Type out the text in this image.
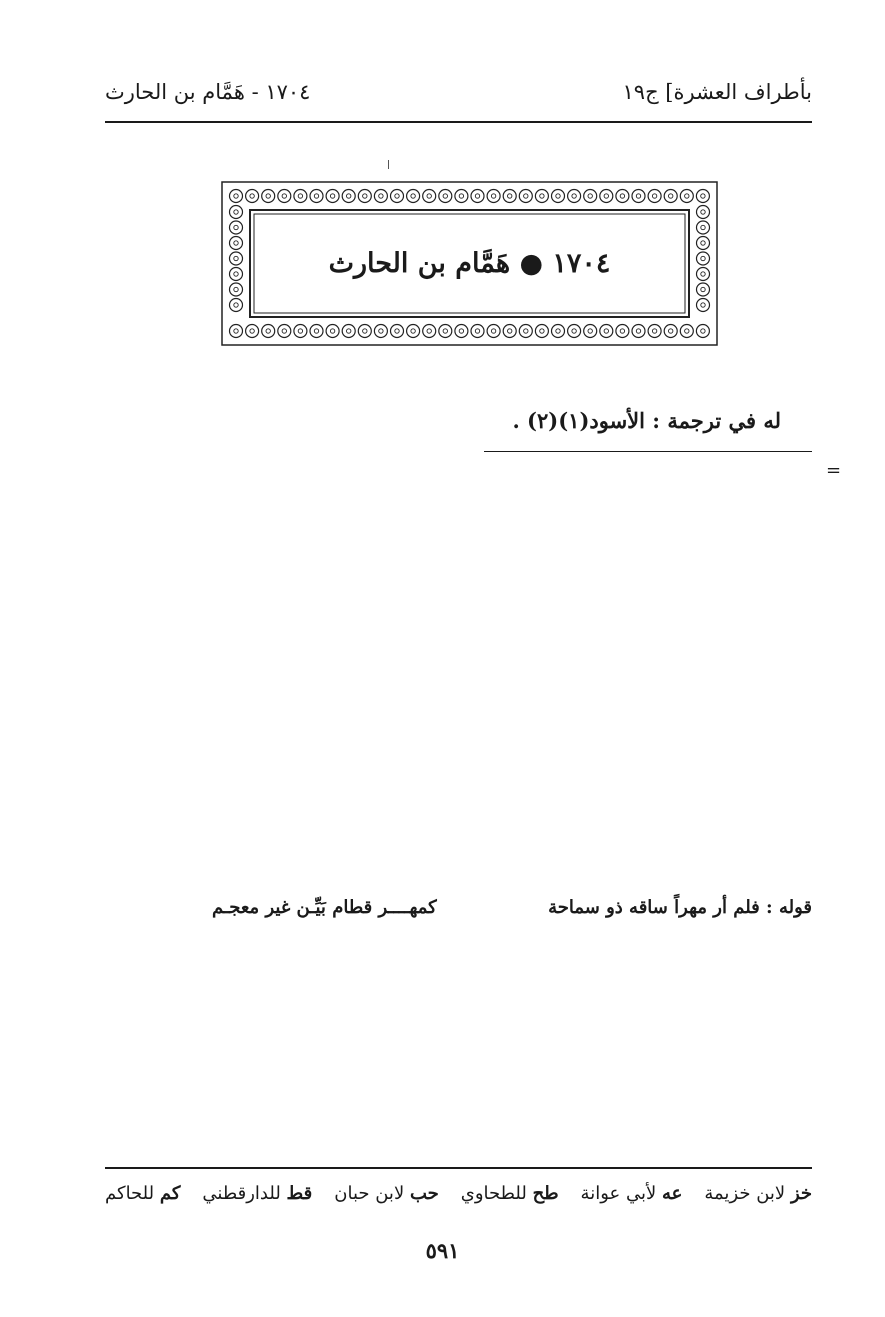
بأطراف العشرة] ج١٩
١٧٠٤ - هَمَّام بن الحارث
١٧٠٤ ● هَمَّام بن الحارث
له في ترجمة : الأسود(١)(٢) .
=
قوله : فلم أر مهراً ساقه ذو سماحة
كمهــــر قطام بَيِّـن غير معجـم
خز لابن خزيمة
عه لأبي عوانة
طح للطحاوي
حب لابن حبان
قط للدارقطني
كم للحاكم
٥٩١
